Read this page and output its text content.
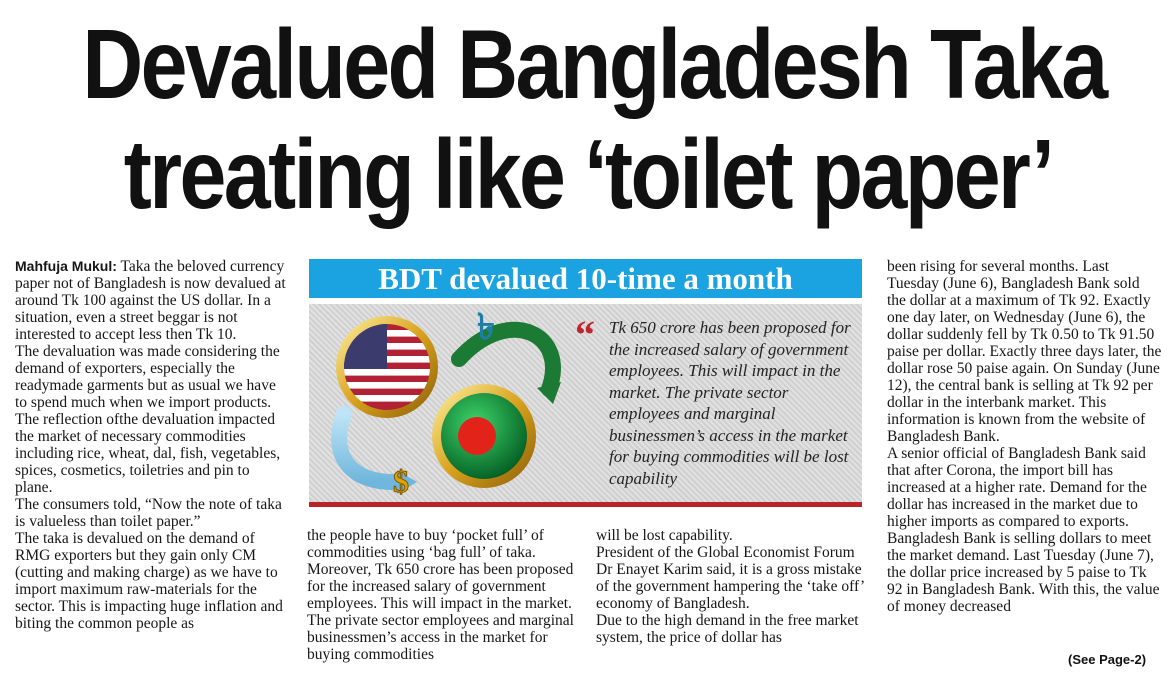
Devalued Bangladesh Taka
treating like ‘toilet paper’

Mahfuja Mukul: Taka the beloved currency paper not of Bangladesh is now devalued at around Tk 100 against the US dollar. In a situation, even a street beggar is not interested to accept less then Tk 10.

The devaluation was made considering the demand of exporters, especially the readymade garments but as usual we have to spend much when we import products. The reflection ofthe devaluation impacted the market of necessary commodities including rice, wheat, dal, fish, vegetables, spices, cosmetics, toiletries and pin to plane.

The consumers told, “Now the note of taka is valueless than toilet paper.”

The taka is devalued on the demand of RMG exporters but they gain only CM (cutting and making charge) as we have to import maximum raw-materials for the sector. This is impacting huge inflation and biting the common people as

BDT devalued 10-time a month
৳
$
“ Tk 650 crore has been proposed for the increased salary of government employees. This will impact in the market. The private sector employees and marginal businessmen’s access in the market for buying commodities will be lost capability

the people have to buy ‘pocket full’ of commodities using ‘bag full’ of taka. Moreover, Tk 650 crore has been proposed for the increased salary of government employees. This will impact in the market. The private sector employees and marginal businessmen’s access in the market for buying commodities

will be lost capability.

President of the Global Economist Forum Dr Enayet Karim said, it is a gross mistake of the government hampering the ‘take off’ economy of Bangladesh.

Due to the high demand in the free market system, the price of dollar has

been rising for several months. Last Tuesday (June 6), Bangladesh Bank sold the dollar at a maximum of Tk 92. Exactly one day later, on Wednesday (June 6), the dollar suddenly fell by Tk 0.50 to Tk 91.50 paise per dollar. Exactly three days later, the dollar rose 50 paise again. On Sunday (June 12), the central bank is selling at Tk 92 per dollar in the interbank market. This information is known from the website of Bangladesh Bank.

A senior official of Bangladesh Bank said that after Corona, the import bill has increased at a higher rate. Demand for the dollar has increased in the market due to higher imports as compared to exports. Bangladesh Bank is selling dollars to meet the market demand. Last Tuesday (June 7), the dollar price increased by 5 paise to Tk 92 in Bangladesh Bank. With this, the value of money decreased

(See Page-2)
